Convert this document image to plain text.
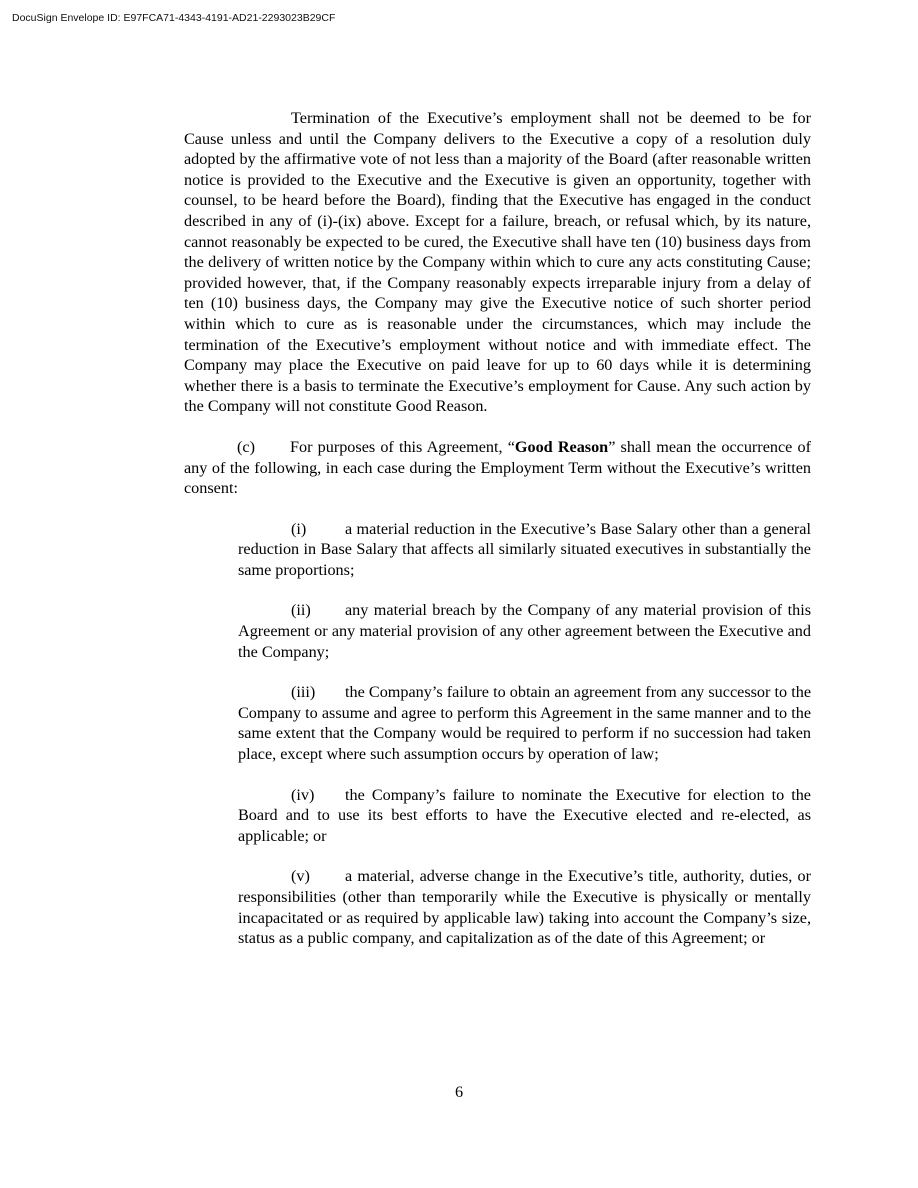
DocuSign Envelope ID: E97FCA71-4343-4191-AD21-2293023B29CF

Termination of the Executive’s employment shall not be deemed to be for Cause unless and until the Company delivers to the Executive a copy of a resolution duly adopted by the affirmative vote of not less than a majority of the Board (after reasonable written notice is provided to the Executive and the Executive is given an opportunity, together with counsel, to be heard before the Board), finding that the Executive has engaged in the conduct described in any of (i)-(ix) above. Except for a failure, breach, or refusal which, by its nature, cannot reasonably be expected to be cured, the Executive shall have ten (10) business days from the delivery of written notice by the Company within which to cure any acts constituting Cause; provided however, that, if the Company reasonably expects irreparable injury from a delay of ten (10) business days, the Company may give the Executive notice of such shorter period within which to cure as is reasonable under the circumstances, which may include the termination of the Executive’s employment without notice and with immediate effect. The Company may place the Executive on paid leave for up to 60 days while it is determining whether there is a basis to terminate the Executive’s employment for Cause. Any such action by the Company will not constitute Good Reason.

(c) For purposes of this Agreement, “Good Reason” shall mean the occurrence of any of the following, in each case during the Employment Term without the Executive’s written consent:

(i) a material reduction in the Executive’s Base Salary other than a general reduction in Base Salary that affects all similarly situated executives in substantially the same proportions;

(ii) any material breach by the Company of any material provision of this Agreement or any material provision of any other agreement between the Executive and the Company;

(iii) the Company’s failure to obtain an agreement from any successor to the Company to assume and agree to perform this Agreement in the same manner and to the same extent that the Company would be required to perform if no succession had taken place, except where such assumption occurs by operation of law;

(iv) the Company’s failure to nominate the Executive for election to the Board and to use its best efforts to have the Executive elected and re-elected, as applicable; or

(v) a material, adverse change in the Executive’s title, authority, duties, or responsibilities (other than temporarily while the Executive is physically or mentally incapacitated or as required by applicable law) taking into account the Company’s size, status as a public company, and capitalization as of the date of this Agreement; or

6
